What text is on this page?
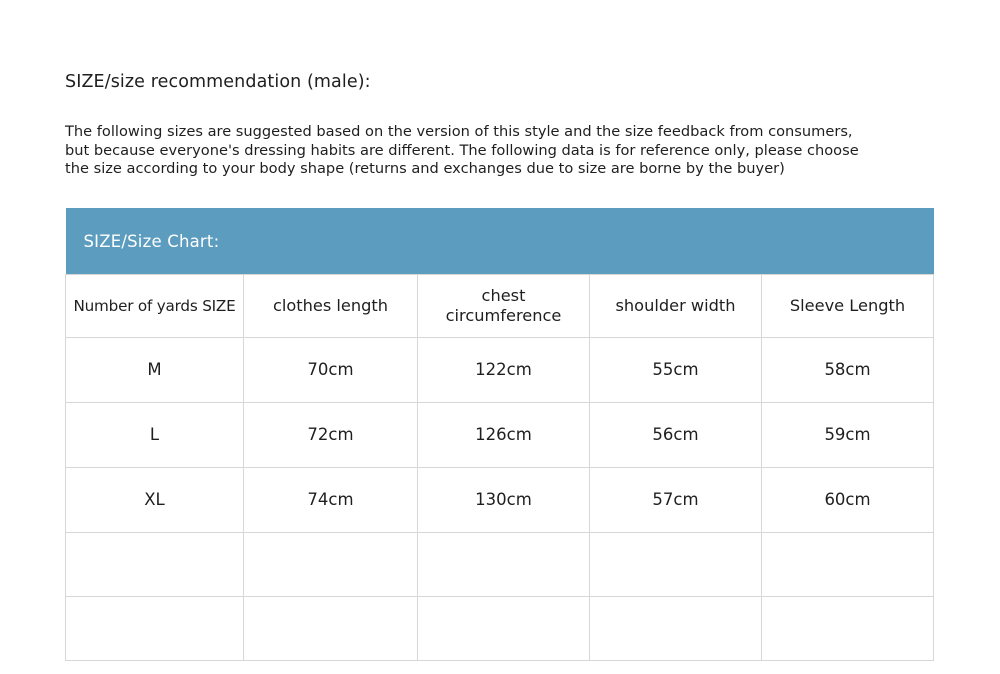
SIZE/size recommendation (male):
The following sizes are suggested based on the version of this style and the size feedback from consumers,
but because everyone's dressing habits are different. The following data is for reference only, please choose
the size according to your body shape (returns and exchanges due to size are borne by the buyer)
SIZE/Size Chart:				
Number of yards SIZE	clothes length	chest circumference	shoulder width	Sleeve Length
M	70cm	122cm	55cm	58cm
L	72cm	126cm	56cm	59cm
XL	74cm	130cm	57cm	60cm
